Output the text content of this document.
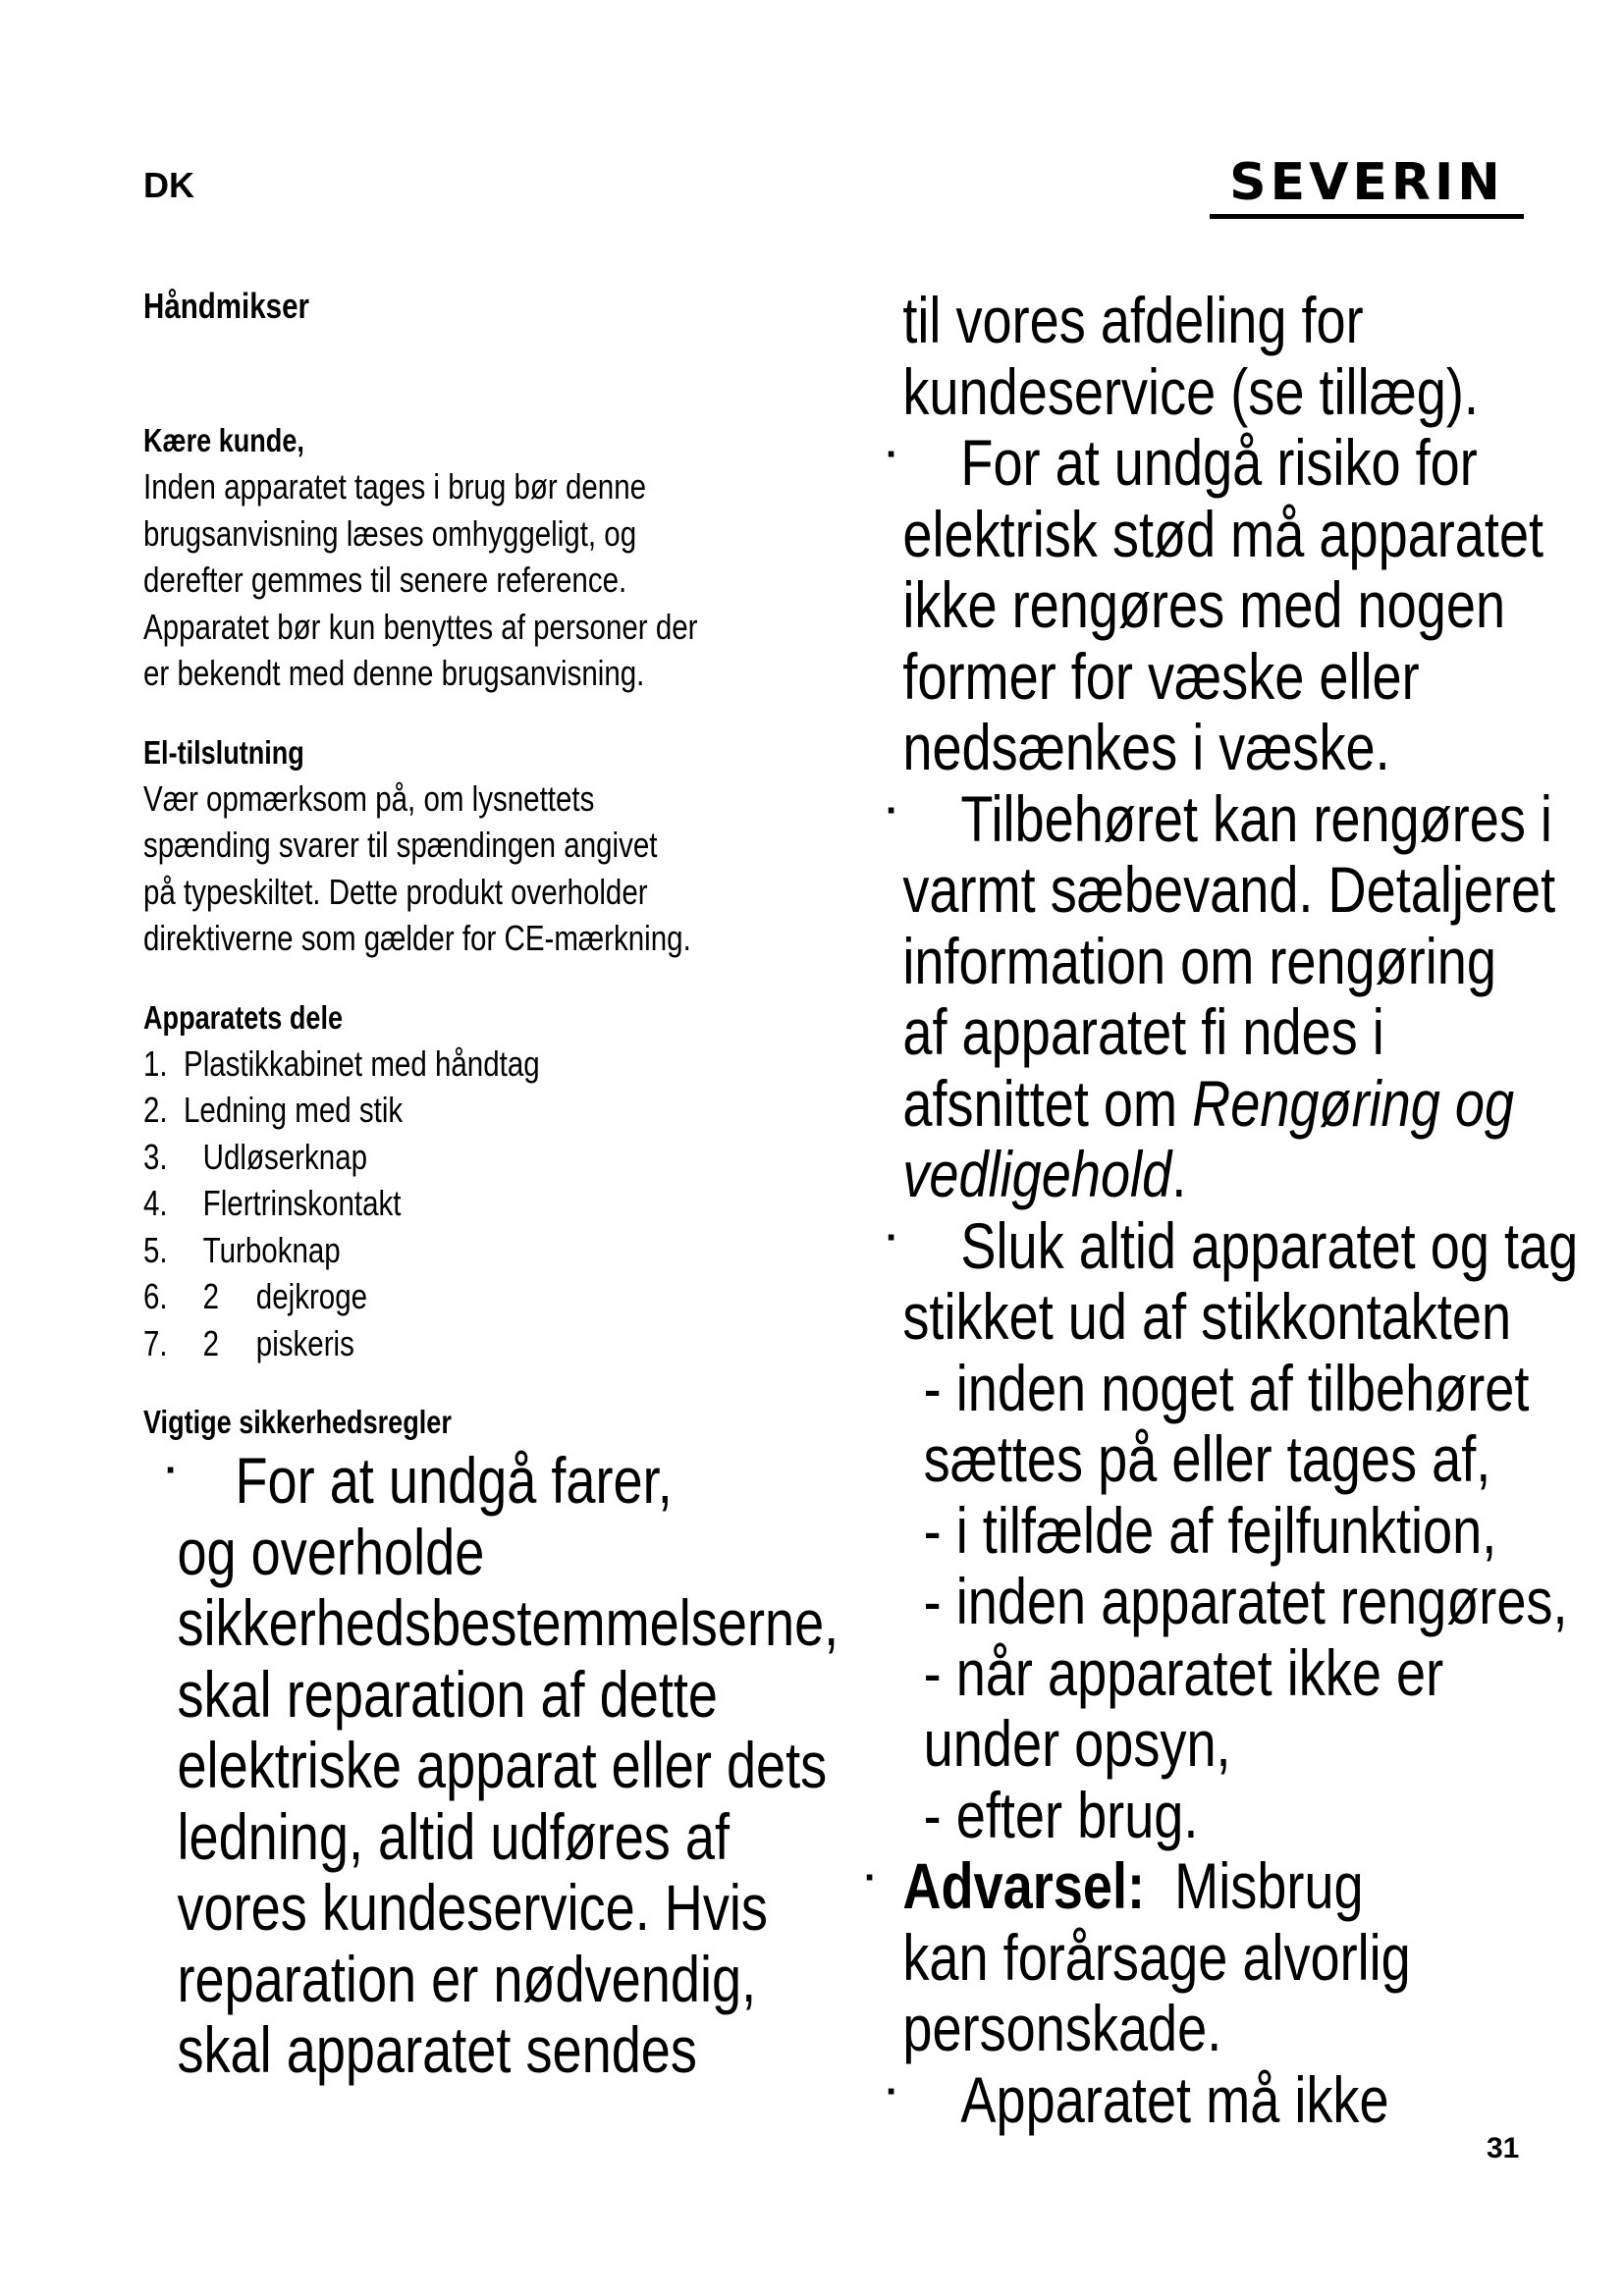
DK	SEVERIN
Håndmikser
Kære kunde,
Inden apparatet tages i brug bør denne
brugsanvisning læses omhyggeligt, og
derefter gemmes til senere reference.
Apparatet bør kun benyttes af personer der
er bekendt med denne brugsanvisning.
El-tilslutning
Vær opmærksom på, om lysnettets
spænding svarer til spændingen angivet
på typeskiltet. Dette produkt overholder
direktiverne som gælder for CE-mærkning.
Apparatets dele
1. Plastikkabinet med håndtag
2. Ledning med stik
3.	Udløserknap
4.	Flertrinskontakt
5.	Turboknap
6.	2	dejkroge
7.	2	piskeris
Vigtige sikkerhedsregler
· For at undgå farer,
og overholde
sikkerhedsbestemmelserne,
skal reparation af dette
elektriske apparat eller dets
ledning, altid udføres af
vores kundeservice. Hvis
reparation er nødvendig,
skal apparatet sendes
til vores afdeling for
kundeservice (se tillæg).
· For at undgå risiko for
elektrisk stød må apparatet
ikke rengøres med nogen
former for væske eller
nedsænkes i væske.
· Tilbehøret kan rengøres i
varmt sæbevand. Detaljeret
information om rengøring
af apparatet fi ndes i
afsnittet om Rengøring og
vedligehold.
· Sluk altid apparatet og tag
stikket ud af stikkontakten
- inden noget af tilbehøret
sættes på eller tages af,
- i tilfælde af fejlfunktion,
- inden apparatet rengøres,
- når apparatet ikke er
under opsyn,
- efter brug.
· Advarsel: Misbrug
kan forårsage alvorlig
personskade.
· Apparatet må ikke
31
